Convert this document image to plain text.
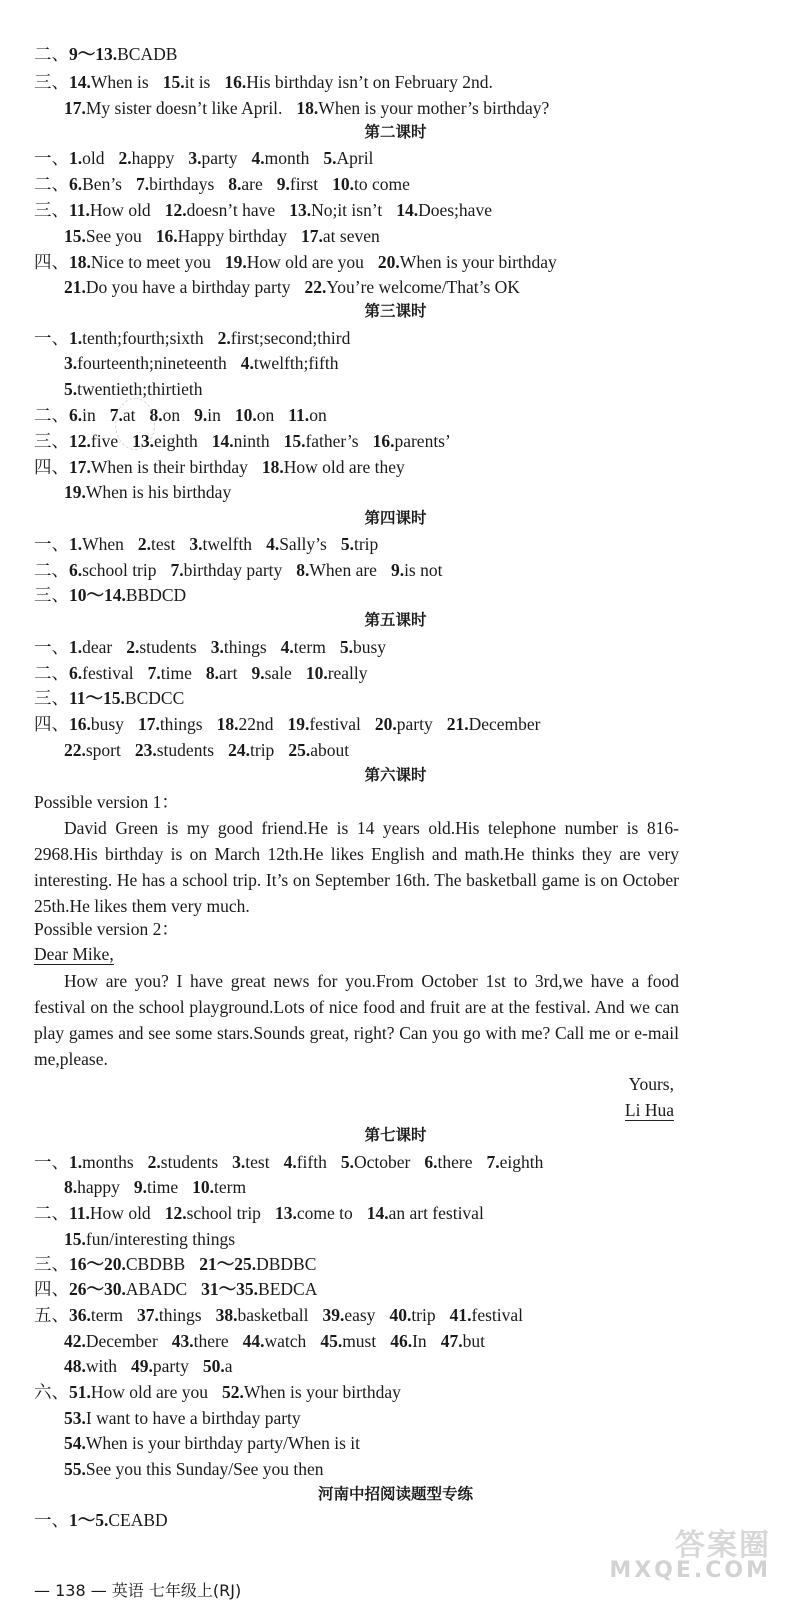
二、9～13.BCADB
三、14.When is 15.it is 16.His birthday isn’t on February 2nd.
17.My sister doesn’t like April. 18.When is your mother’s birthday?
第二课时
一、1.old 2.happy 3.party 4.month 5.April
二、6.Ben’s 7.birthdays 8.are 9.first 10.to come
三、11.How old 12.doesn’t have 13.No;it isn’t 14.Does;have
15.See you 16.Happy birthday 17.at seven
四、18.Nice to meet you 19.How old are you 20.When is your birthday
21.Do you have a birthday party 22.You’re welcome/That’s OK
第三课时
一、1.tenth;fourth;sixth 2.first;second;third
3.fourteenth;nineteenth 4.twelfth;fifth
5.twentieth;thirtieth
二、6.in 7.at 8.on 9.in 10.on 11.on
三、12.five 13.eighth 14.ninth 15.father’s 16.parents’
四、17.When is their birthday 18.How old are they
19.When is his birthday
第四课时
一、1.When 2.test 3.twelfth 4.Sally’s 5.trip
二、6.school trip 7.birthday party 8.When are 9.is not
三、10～14.BBDCD
第五课时
一、1.dear 2.students 3.things 4.term 5.busy
二、6.festival 7.time 8.art 9.sale 10.really
三、11～15.BCDCC
四、16.busy 17.things 18.22nd 19.festival 20.party 21.December
22.sport 23.students 24.trip 25.about
第六课时
Possible version 1：
David Green is my good friend.He is 14 years old.His telephone number is 816-2968.His birthday is on March 12th.He likes English and math.He thinks they are very interesting. He has a school trip. It’s on September 16th. The basketball game is on October 25th.He likes them very much.
Possible version 2：
Dear Mike,
How are you? I have great news for you.From October 1st to 3rd,we have a food festival on the school playground.Lots of nice food and fruit are at the festival. And we can play games and see some stars.Sounds great, right? Can you go with me? Call me or e-mail me,please.
Yours,
Li Hua
第七课时
一、1.months 2.students 3.test 4.fifth 5.October 6.there 7.eighth
8.happy 9.time 10.term
二、11.How old 12.school trip 13.come to 14.an art festival
15.fun/interesting things
三、16～20.CBDBB 21～25.DBDBC
四、26～30.ABADC 31～35.BEDCA
五、36.term 37.things 38.basketball 39.easy 40.trip 41.festival
42.December 43.there 44.watch 45.must 46.In 47.but
48.with 49.party 50.a
六、51.How old are you 52.When is your birthday
53.I want to have a birthday party
54.When is your birthday party/When is it
55.See you this Sunday/See you then
河南中招阅读题型专练
一、1～5.CEABD
答案圈
MXQE.COM
— 138 — 英语 七年级上(RJ)
